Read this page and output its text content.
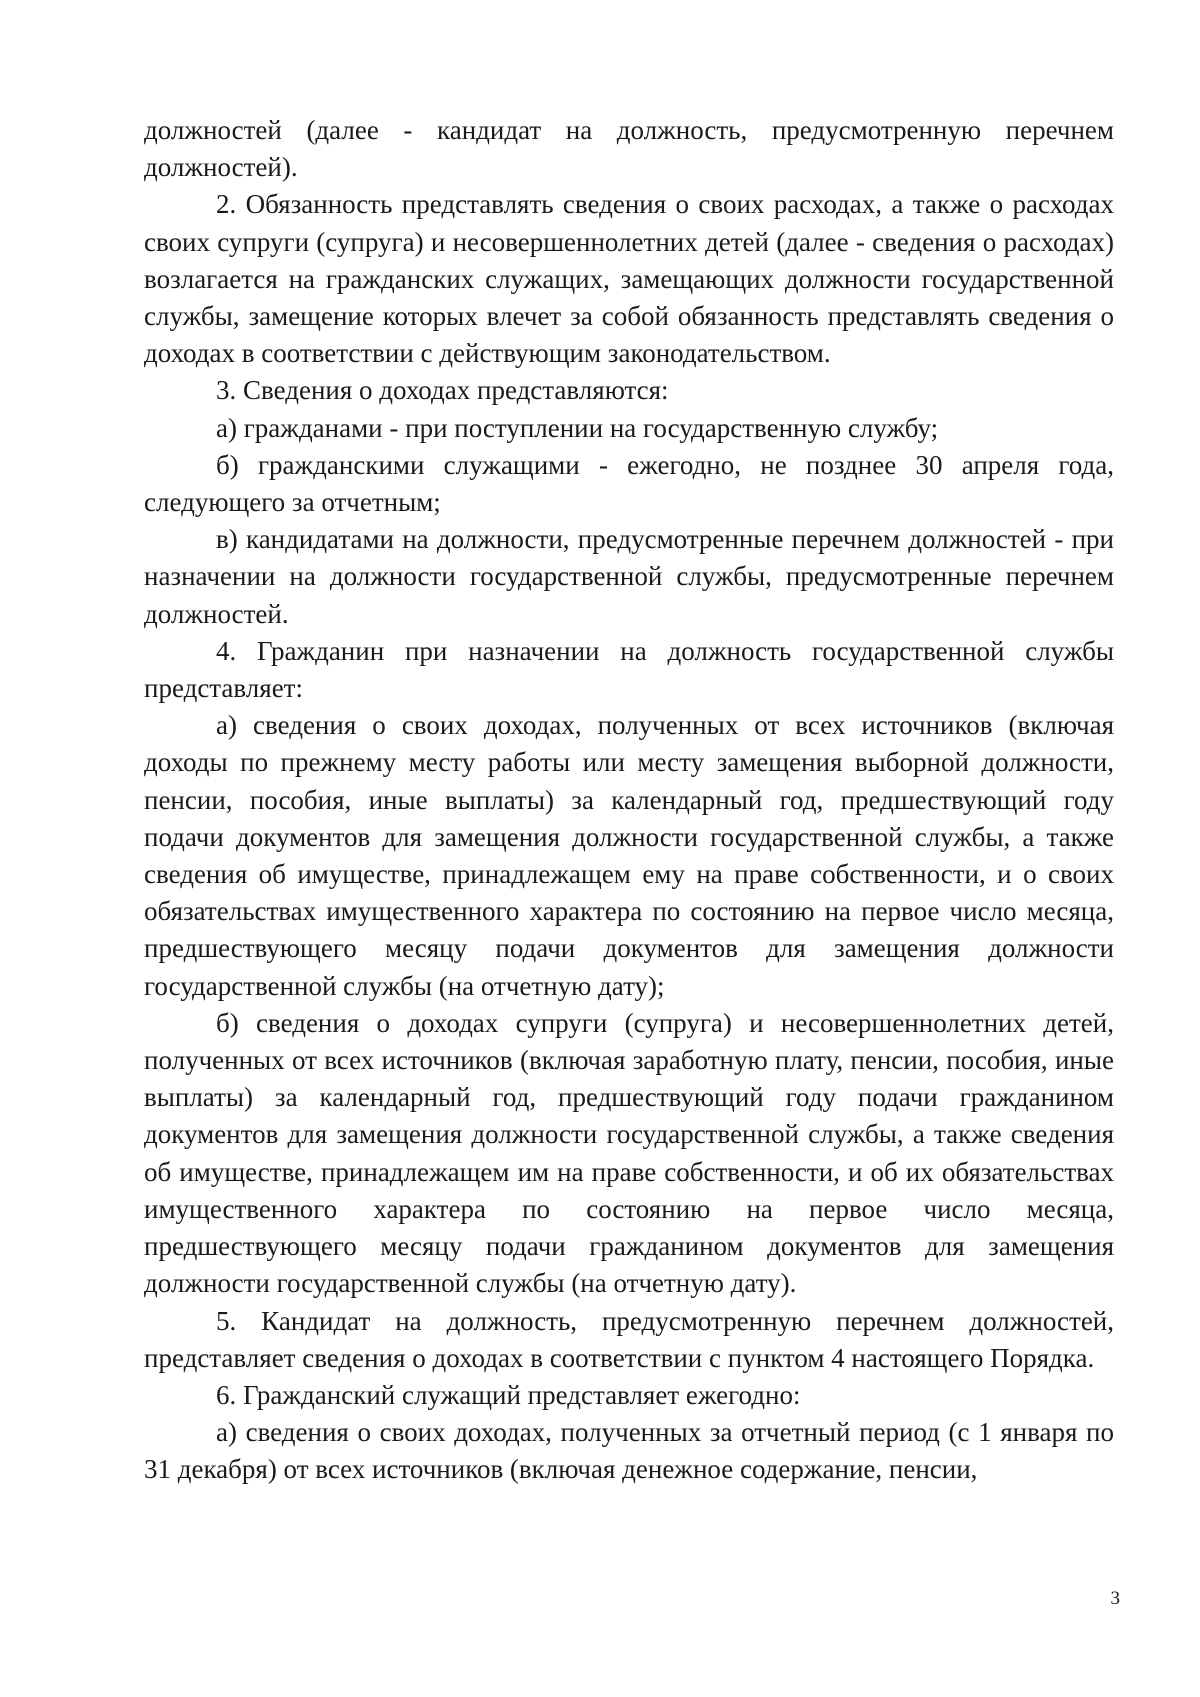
должностей (далее - кандидат на должность, предусмотренную перечнем должностей).

2. Обязанность представлять сведения о своих расходах, а также о расходах своих супруги (супруга) и несовершеннолетних детей (далее - сведения о расходах) возлагается на гражданских служащих, замещающих должности государственной службы, замещение которых влечет за собой обязанность представлять сведения о доходах в соответствии с действующим законодательством.

3. Сведения о доходах представляются:

а) гражданами - при поступлении на государственную службу;

б) гражданскими служащими - ежегодно, не позднее 30 апреля года, следующего за отчетным;

в) кандидатами на должности, предусмотренные перечнем должностей - при назначении на должности государственной службы, предусмотренные перечнем должностей.

4. Гражданин при назначении на должность государственной службы представляет:

а) сведения о своих доходах, полученных от всех источников (включая доходы по прежнему месту работы или месту замещения выборной должности, пенсии, пособия, иные выплаты) за календарный год, предшествующий году подачи документов для замещения должности государственной службы, а также сведения об имуществе, принадлежащем ему на праве собственности, и о своих обязательствах имущественного характера по состоянию на первое число месяца, предшествующего месяцу подачи документов для замещения должности государственной службы (на отчетную дату);

б) сведения о доходах супруги (супруга) и несовершеннолетних детей, полученных от всех источников (включая заработную плату, пенсии, пособия, иные выплаты) за календарный год, предшествующий году подачи гражданином документов для замещения должности государственной службы, а также сведения об имуществе, принадлежащем им на праве собственности, и об их обязательствах имущественного характера по состоянию на первое число месяца, предшествующего месяцу подачи гражданином документов для замещения должности государственной службы (на отчетную дату).

5. Кандидат на должность, предусмотренную перечнем должностей, представляет сведения о доходах в соответствии с пунктом 4 настоящего Порядка.

6. Гражданский служащий представляет ежегодно:

а) сведения о своих доходах, полученных за отчетный период (с 1 января по 31 декабря) от всех источников (включая денежное содержание, пенсии,

3
